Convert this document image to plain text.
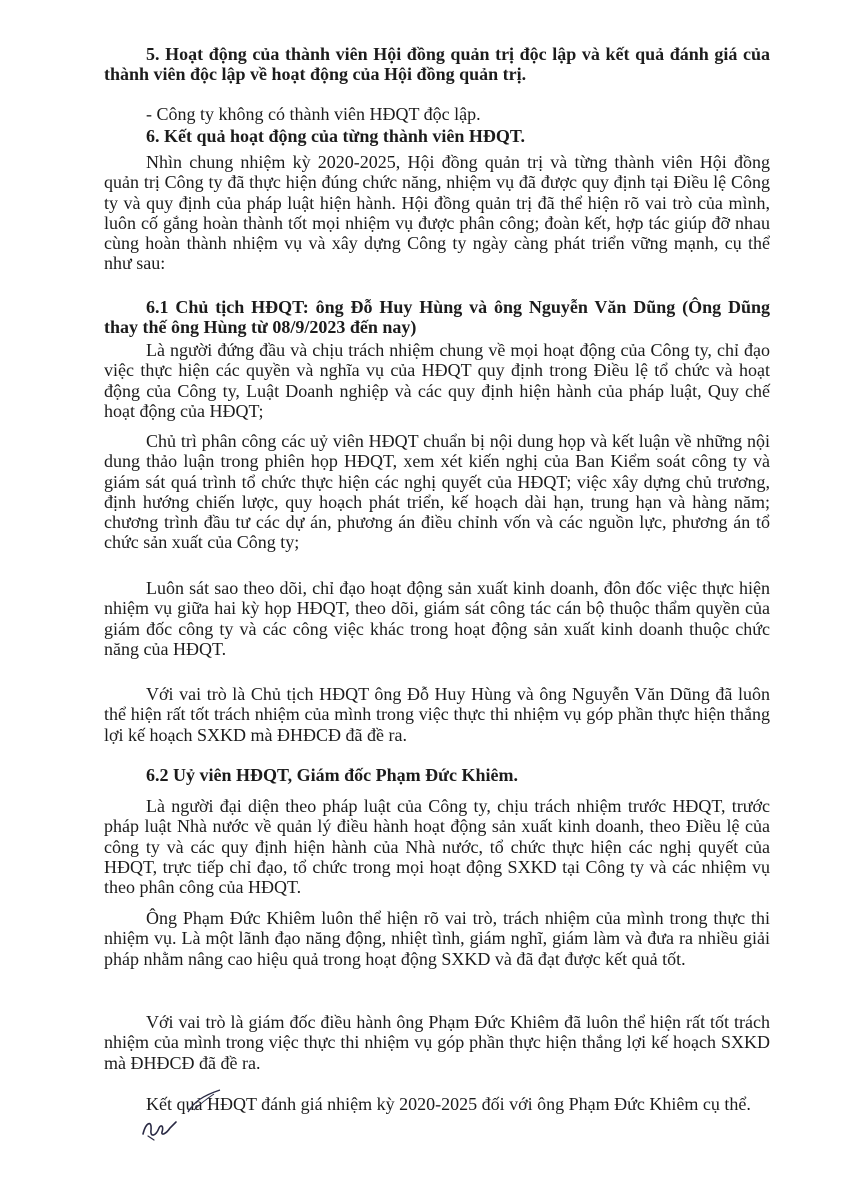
5. Hoạt động của thành viên Hội đồng quản trị độc lập và kết quả đánh giá của thành viên độc lập về hoạt động của Hội đồng quản trị.

- Công ty không có thành viên HĐQT độc lập.

6. Kết quả hoạt động của từng thành viên HĐQT.

Nhìn chung nhiệm kỳ 2020-2025, Hội đồng quản trị và từng thành viên Hội đồng quản trị Công ty đã thực hiện đúng chức năng, nhiệm vụ đã được quy định tại Điều lệ Công ty và quy định của pháp luật hiện hành. Hội đồng quản trị đã thể hiện rõ vai trò của mình, luôn cố gắng hoàn thành tốt mọi nhiệm vụ được phân công; đoàn kết, hợp tác giúp đỡ nhau cùng hoàn thành nhiệm vụ và xây dựng Công ty ngày càng phát triển vững mạnh, cụ thể như sau:

6.1 Chủ tịch HĐQT: ông Đỗ Huy Hùng và ông Nguyễn Văn Dũng (Ông Dũng thay thế ông Hùng từ 08/9/2023 đến nay)

Là người đứng đầu và chịu trách nhiệm chung về mọi hoạt động của Công ty, chỉ đạo việc thực hiện các quyền và nghĩa vụ của HĐQT quy định trong Điều lệ tổ chức và hoạt động của Công ty, Luật Doanh nghiệp và các quy định hiện hành của pháp luật, Quy chế hoạt động của HĐQT;

Chủ trì phân công các uỷ viên HĐQT chuẩn bị nội dung họp và kết luận về những nội dung thảo luận trong phiên họp HĐQT, xem xét kiến nghị của Ban Kiểm soát công ty và giám sát quá trình tổ chức thực hiện các nghị quyết của HĐQT; việc xây dựng chủ trương, định hướng chiến lược, quy hoạch phát triển, kế hoạch dài hạn, trung hạn và hàng năm; chương trình đầu tư các dự án, phương án điều chỉnh vốn và các nguồn lực, phương án tổ chức sản xuất của Công ty;

Luôn sát sao theo dõi, chỉ đạo hoạt động sản xuất kinh doanh, đôn đốc việc thực hiện nhiệm vụ giữa hai kỳ họp HĐQT, theo dõi, giám sát công tác cán bộ thuộc thẩm quyền của giám đốc công ty và các công việc khác trong hoạt động sản xuất kinh doanh thuộc chức năng của HĐQT.

Với vai trò là Chủ tịch HĐQT ông Đỗ Huy Hùng và ông Nguyễn Văn Dũng đã luôn thể hiện rất tốt trách nhiệm của mình trong việc thực thi nhiệm vụ góp phần thực hiện thắng lợi kế hoạch SXKD mà ĐHĐCĐ đã đề ra.

6.2 Uỷ viên HĐQT, Giám đốc Phạm Đức Khiêm.

Là người đại diện theo pháp luật của Công ty, chịu trách nhiệm trước HĐQT, trước pháp luật Nhà nước về quản lý điều hành hoạt động sản xuất kinh doanh, theo Điều lệ của công ty và các quy định hiện hành của Nhà nước, tổ chức thực hiện các nghị quyết của HĐQT, trực tiếp chỉ đạo, tổ chức trong mọi hoạt động SXKD tại Công ty và các nhiệm vụ theo phân công của HĐQT.

Ông Phạm Đức Khiêm luôn thể hiện rõ vai trò, trách nhiệm của mình trong thực thi nhiệm vụ. Là một lãnh đạo năng động, nhiệt tình, giám nghĩ, giám làm và đưa ra nhiều giải pháp nhằm nâng cao hiệu quả trong hoạt động SXKD và đã đạt được kết quả tốt.

Với vai trò là giám đốc điều hành ông Phạm Đức Khiêm đã luôn thể hiện rất tốt trách nhiệm của mình trong việc thực thi nhiệm vụ góp phần thực hiện thắng lợi kế hoạch SXKD mà ĐHĐCĐ đã đề ra.

Kết quả HĐQT đánh giá nhiệm kỳ 2020-2025 đối với ông Phạm Đức Khiêm cụ thể.
